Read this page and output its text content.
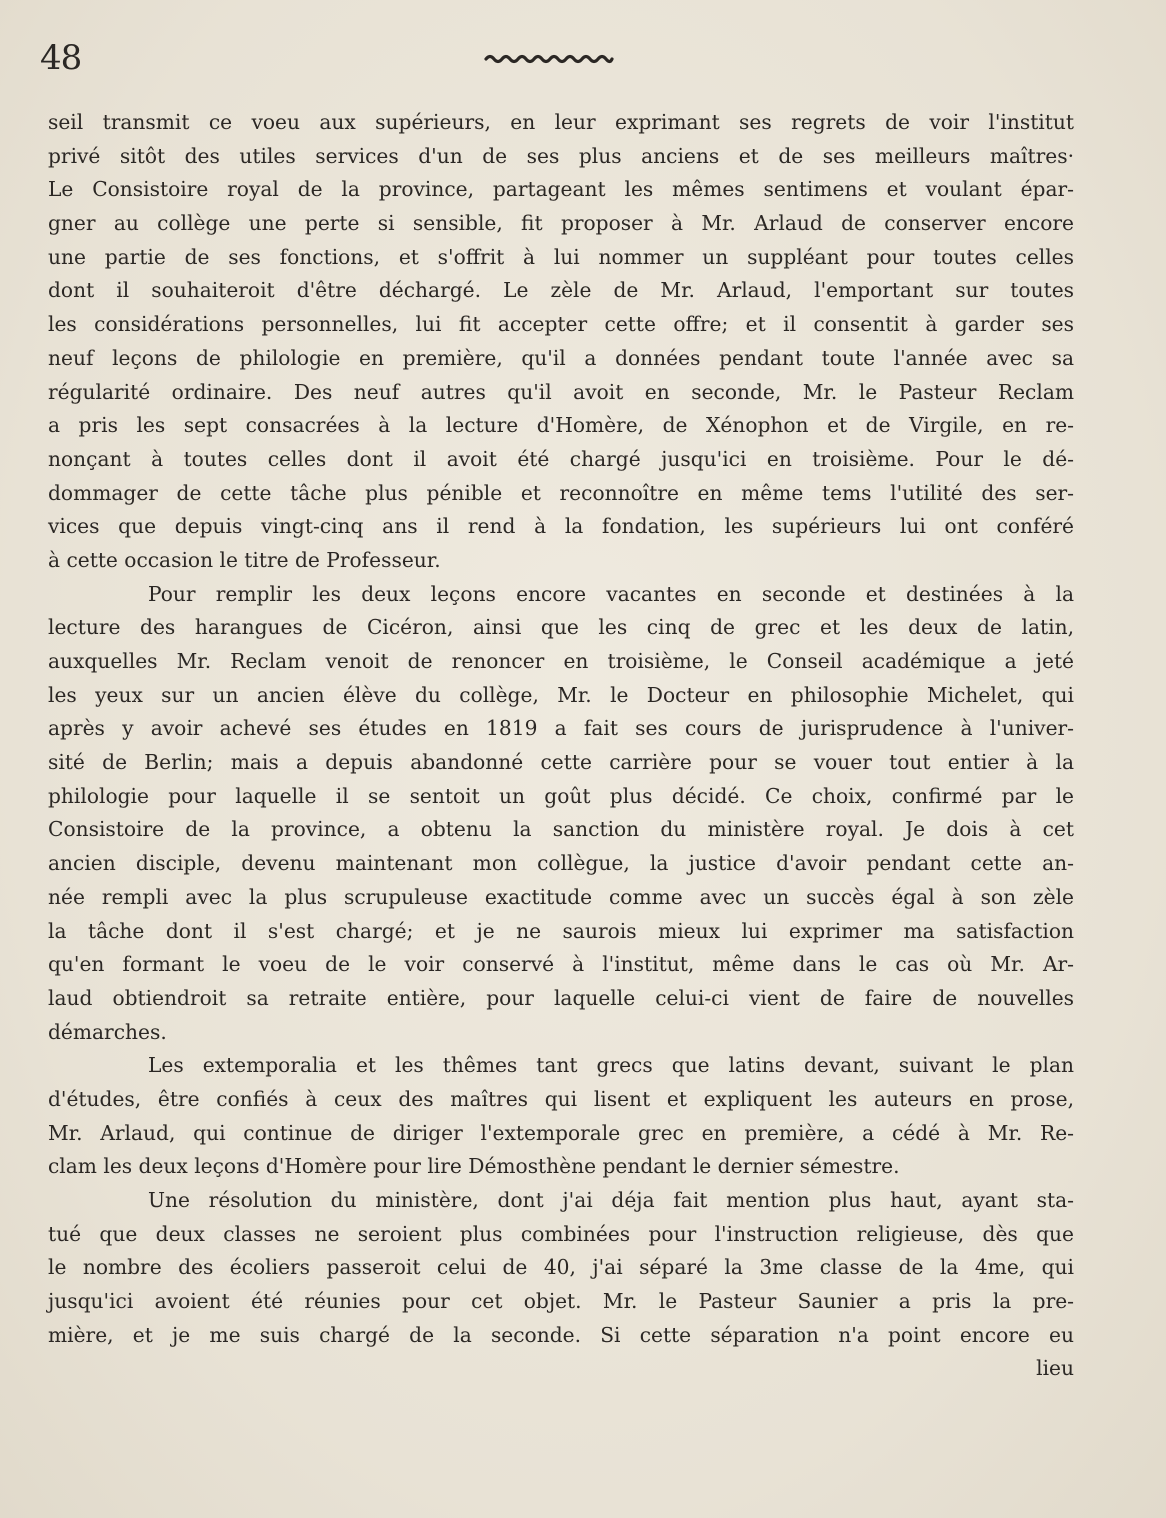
48
seil transmit ce voeu aux supérieurs, en leur exprimant ses regrets de voir l'institut
privé sitôt des utiles services d'un de ses plus anciens et de ses meilleurs maîtres·
Le Consistoire royal de la province, partageant les mêmes sentimens et voulant épar-
gner au collège une perte si sensible, fit proposer à Mr. Arlaud de conserver encore
une partie de ses fonctions, et s'offrit à lui nommer un suppléant pour toutes celles
dont il souhaiteroit d'être déchargé. Le zèle de Mr. Arlaud, l'emportant sur toutes
les considérations personnelles, lui fit accepter cette offre; et il consentit à garder ses
neuf leçons de philologie en première, qu'il a données pendant toute l'année avec sa
régularité ordinaire. Des neuf autres qu'il avoit en seconde, Mr. le Pasteur Reclam
a pris les sept consacrées à la lecture d'Homère, de Xénophon et de Virgile, en re-
nonçant à toutes celles dont il avoit été chargé jusqu'ici en troisième. Pour le dé-
dommager de cette tâche plus pénible et reconnoître en même tems l'utilité des ser-
vices que depuis vingt-cinq ans il rend à la fondation, les supérieurs lui ont conféré
à cette occasion le titre de Professeur.
Pour remplir les deux leçons encore vacantes en seconde et destinées à la
lecture des harangues de Cicéron, ainsi que les cinq de grec et les deux de latin,
auxquelles Mr. Reclam venoit de renoncer en troisième, le Conseil académique a jeté
les yeux sur un ancien élève du collège, Mr. le Docteur en philosophie Michelet, qui
après y avoir achevé ses études en 1819 a fait ses cours de jurisprudence à l'univer-
sité de Berlin; mais a depuis abandonné cette carrière pour se vouer tout entier à la
philologie pour laquelle il se sentoit un goût plus décidé. Ce choix, confirmé par le
Consistoire de la province, a obtenu la sanction du ministère royal. Je dois à cet
ancien disciple, devenu maintenant mon collègue, la justice d'avoir pendant cette an-
née rempli avec la plus scrupuleuse exactitude comme avec un succès égal à son zèle
la tâche dont il s'est chargé; et je ne saurois mieux lui exprimer ma satisfaction
qu'en formant le voeu de le voir conservé à l'institut, même dans le cas où Mr. Ar-
laud obtiendroit sa retraite entière, pour laquelle celui-ci vient de faire de nouvelles
démarches.
Les extemporalia et les thêmes tant grecs que latins devant, suivant le plan
d'études, être confiés à ceux des maîtres qui lisent et expliquent les auteurs en prose,
Mr. Arlaud, qui continue de diriger l'extemporale grec en première, a cédé à Mr. Re-
clam les deux leçons d'Homère pour lire Démosthène pendant le dernier sémestre.
Une résolution du ministère, dont j'ai déja fait mention plus haut, ayant sta-
tué que deux classes ne seroient plus combinées pour l'instruction religieuse, dès que
le nombre des écoliers passeroit celui de 40, j'ai séparé la 3me classe de la 4me, qui
jusqu'ici avoient été réunies pour cet objet. Mr. le Pasteur Saunier a pris la pre-
mière, et je me suis chargé de la seconde. Si cette séparation n'a point encore eu
lieu
